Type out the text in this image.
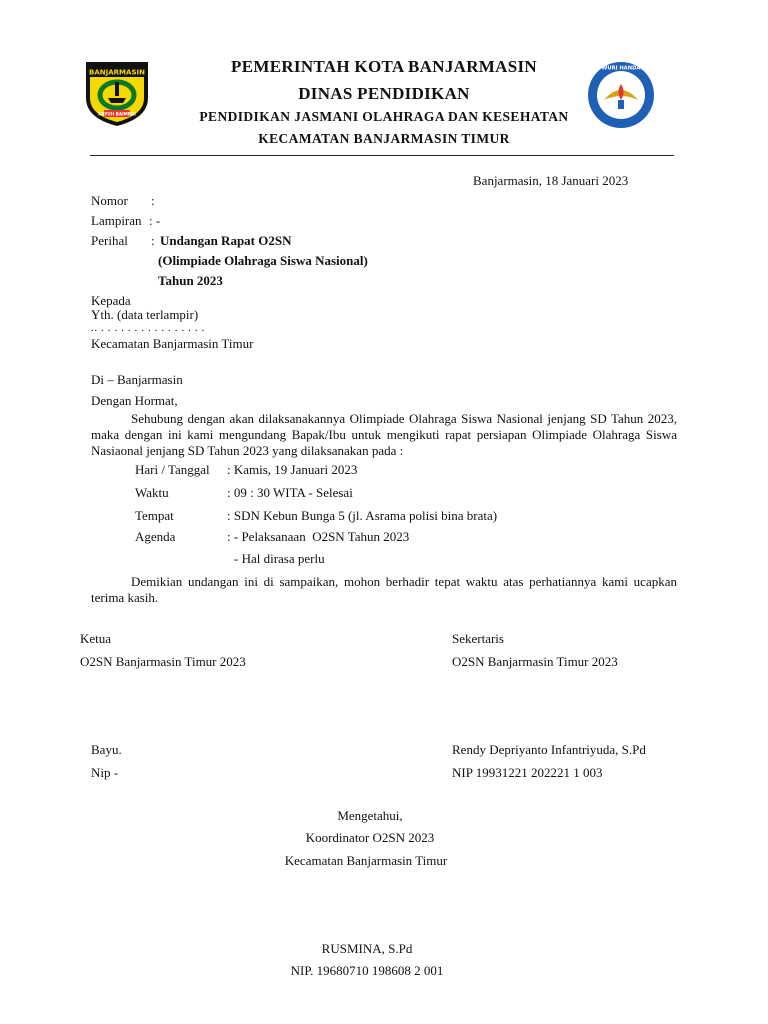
BANJARMASIN
KAYUH BAIMBAI
TUT WURI HANDAYANI
PEMERINTAH KOTA BANJARMASIN
DINAS PENDIDIKAN
PENDIDIKAN JASMANI OLAHRAGA DAN KESEHATAN
KECAMATAN BANJARMASIN TIMUR
Banjarmasin, 18 Januari 2023
Nomor :
Lampiran : -
Perihal : Undangan Rapat O2SN
(Olimpiade Olahraga Siswa Nasional)
Tahun 2023
Kepada
Yth. (data terlampir)
.. . . . . . . . . . . . . . . . .
Kecamatan Banjarmasin Timur
Di – Banjarmasin
Dengan Hormat,

Sehubung dengan akan dilaksanakannya Olimpiade Olahraga Siswa Nasional jenjang SD Tahun 2023, maka dengan ini kami mengundang Bapak/Ibu untuk mengikuti rapat persiapan Olimpiade Olahraga Siswa Nasiaonal jenjang SD Tahun 2023 yang dilaksanakan pada :

Hari / Tanggal : Kamis, 19 Januari 2023
Waktu	: 09 : 30 WITA - Selesai
Tempat	: SDN Kebun Bunga 5 (jl. Asrama polisi bina brata)
Agenda	: - Pelaksanaan  O2SN Tahun 2023
- Hal dirasa perlu

Demikian undangan ini di sampaikan, mohon berhadir tepat waktu atas perhatiannya kami ucapkan terima kasih.

Ketua
O2SN Banjarmasin Timur 2023
Sekertaris
O2SN Banjarmasin Timur 2023
Bayu.
Nip -
Rendy Depriyanto Infantriyuda, S.Pd
NIP 19931221 202221 1 003
Mengetahui,
Koordinator O2SN 2023
Kecamatan Banjarmasin Timur
RUSMINA, S.Pd
NIP. 19680710 198608 2 001
